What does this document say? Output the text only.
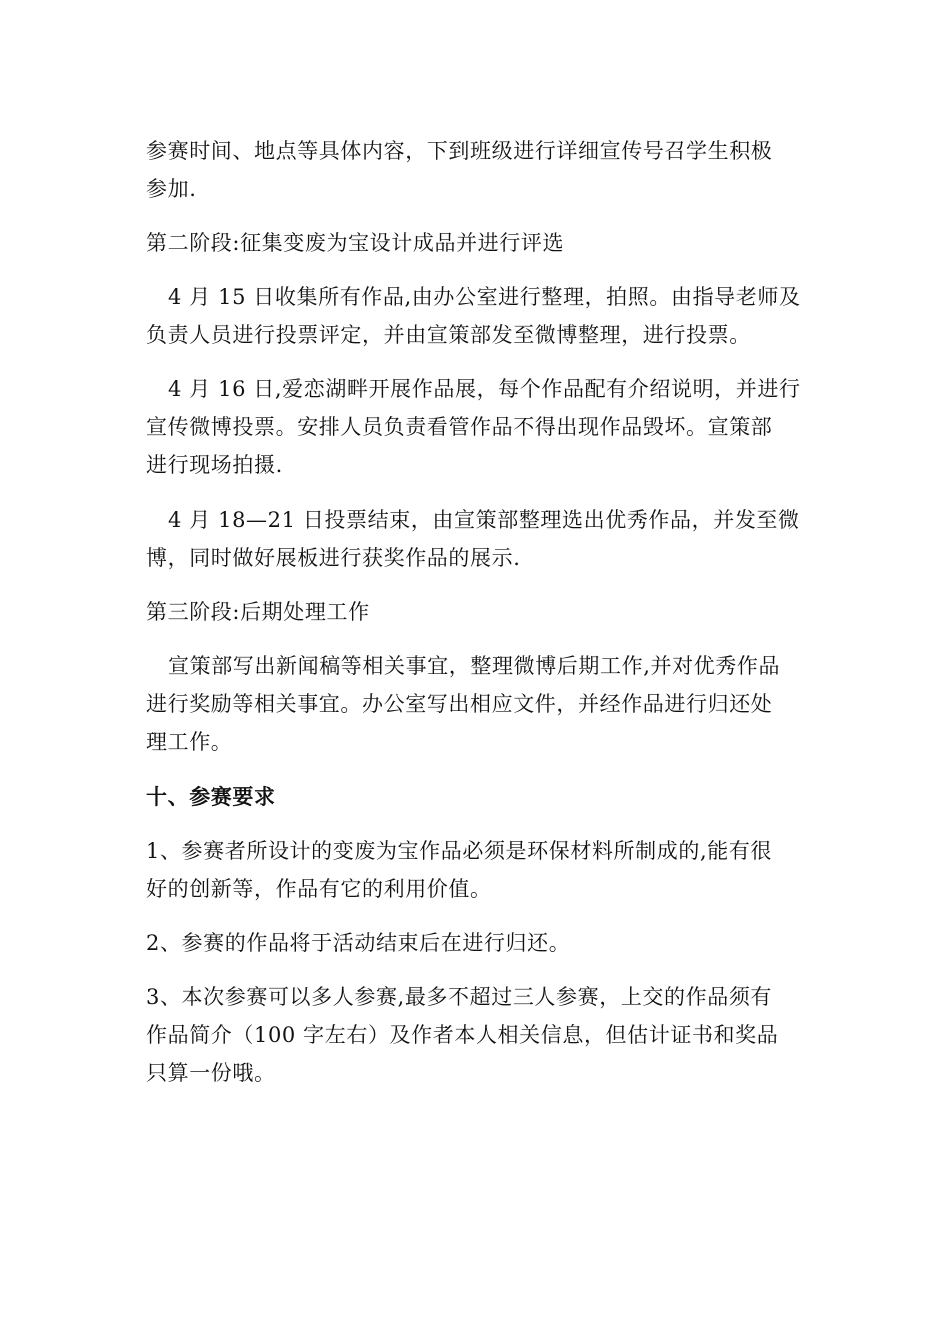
参赛时间、地点等具体内容，下到班级进行详细宣传号召学生积极
参加.
第二阶段:征集变废为宝设计成品并进行评选
4 月 15 日收集所有作品,由办公室进行整理，拍照。由指导老师及
负责人员进行投票评定，并由宣策部发至微博整理，进行投票。
4 月 16 日,爱恋湖畔开展作品展，每个作品配有介绍说明，并进行
宣传微博投票。安排人员负责看管作品不得出现作品毁坏。宣策部
进行现场拍摄.
4 月 18—21 日投票结束，由宣策部整理选出优秀作品，并发至微
博，同时做好展板进行获奖作品的展示.
第三阶段:后期处理工作
宣策部写出新闻稿等相关事宜，整理微博后期工作,并对优秀作品
进行奖励等相关事宜。办公室写出相应文件，并经作品进行归还处
理工作。
十、参赛要求
1、参赛者所设计的变废为宝作品必须是环保材料所制成的,能有很
好的创新等，作品有它的利用价值。
2、参赛的作品将于活动结束后在进行归还。
3、本次参赛可以多人参赛,最多不超过三人参赛，上交的作品须有
作品简介（100 字左右）及作者本人相关信息，但估计证书和奖品
只算一份哦。
